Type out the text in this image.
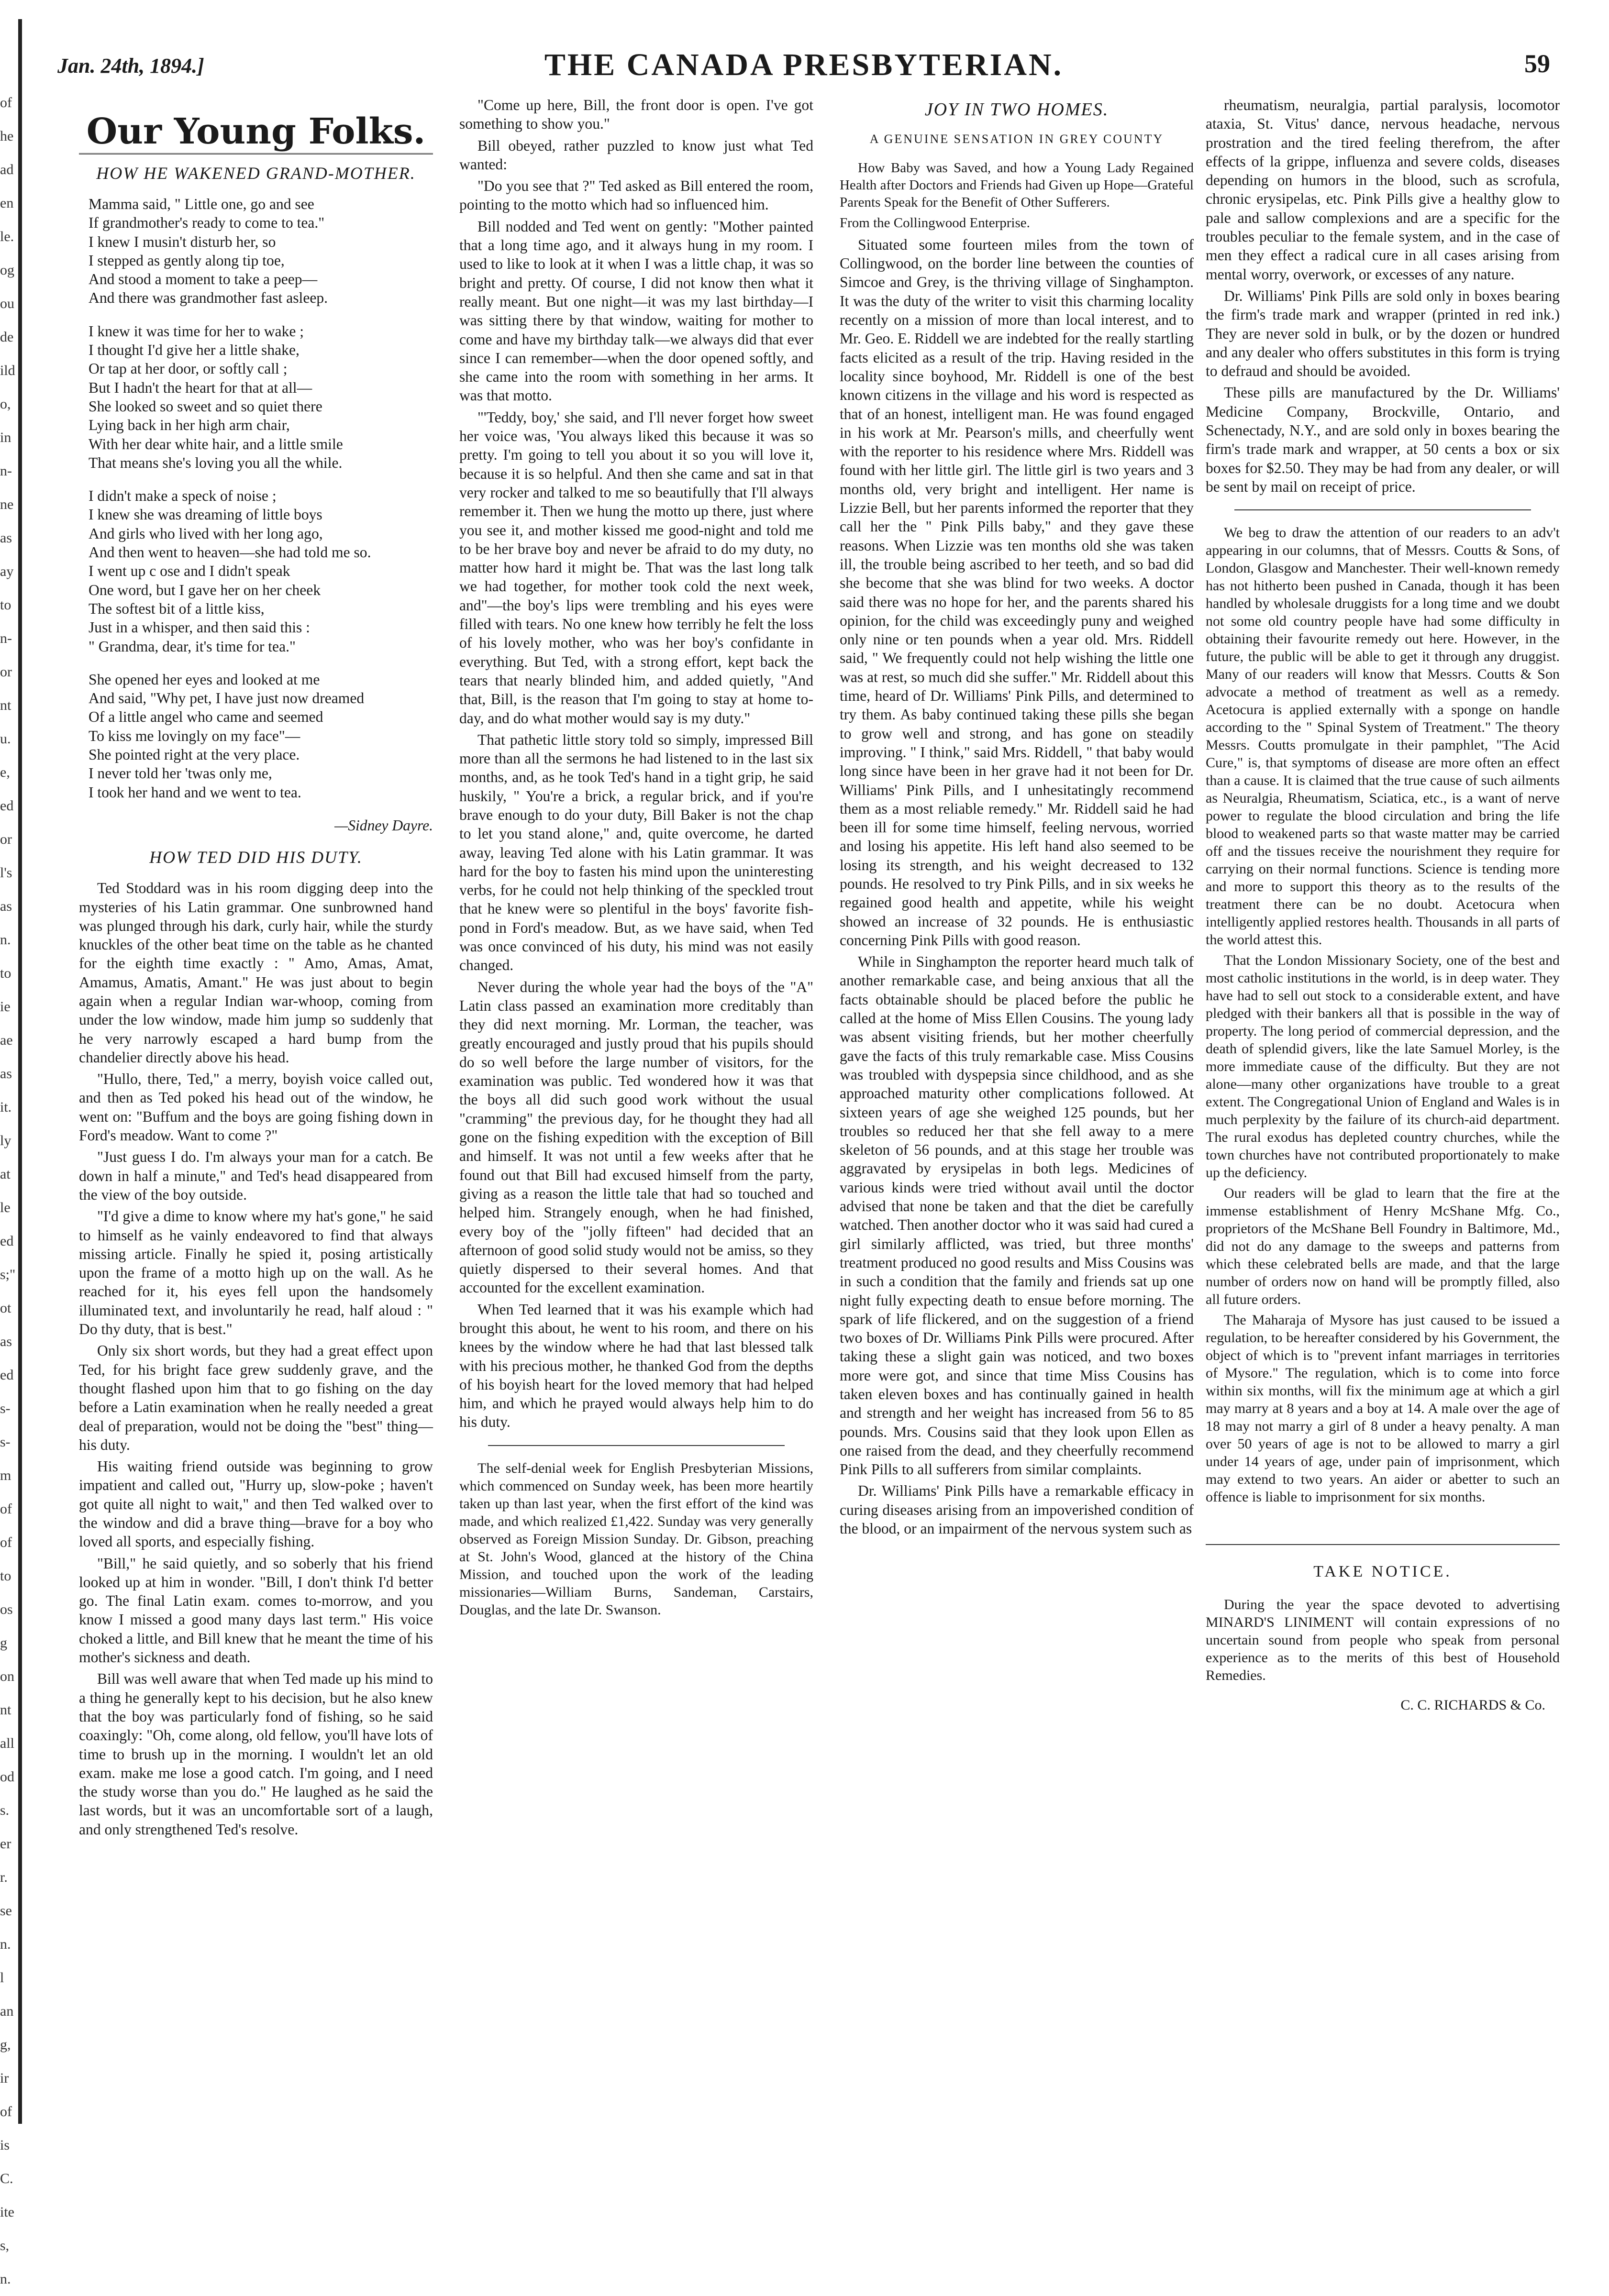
of
he
ad
en
le.
og
ou
de
ild
o,
in
n-
ne
as
ay
to
n-
or
nt
u.
e,
ed
or
l's
as
n.
to
ie
ae
as
it.
ly
at
le
ed
s;"
ot
as
ed
s-
s-
m
of
of
to
os
g
on
nt
all
od
s.
er
r.
se
n.
l
an
g,
ir
of
is
C.
ite
s,
n.
Jan. 24th, 1894.]	THE CANADA PRESBYTERIAN.	59
Our Young Folks.
HOW HE WAKENED GRAND-MOTHER.
Mamma said, " Little one, go and see
If grandmother's ready to come to tea."
I knew I musin't disturb her, so
I stepped as gently along tip toe,
And stood a moment to take a peep—
And there was grandmother fast asleep.
I knew it was time for her to wake ;
I thought I'd give her a little shake,
Or tap at her door, or softly call ;
But I hadn't the heart for that at all—
She looked so sweet and so quiet there
Lying back in her high arm chair,
With her dear white hair, and a little smile
That means she's loving you all the while.
I didn't make a speck of noise ;
I knew she was dreaming of little boys
And girls who lived with her long ago,
And then went to heaven—she had told me so.
I went up c ose and I didn't speak
One word, but I gave her on her cheek
The softest bit of a little kiss,
Just in a whisper, and then said this :
" Grandma, dear, it's time for tea."
She opened her eyes and looked at me
And said, "Why pet, I have just now dreamed
Of a little angel who came and seemed
To kiss me lovingly on my face"—
She pointed right at the very place.
I never told her 'twas only me,
I took her hand and we went to tea.
—Sidney Dayre.
HOW TED DID HIS DUTY.

Ted Stoddard was in his room digging deep into the mysteries of his Latin grammar. One sunbrowned hand was plunged through his dark, curly hair, while the sturdy knuckles of the other beat time on the table as he chanted for the eighth time exactly : " Amo, Amas, Amat, Amamus, Amatis, Amant." He was just about to begin again when a regular Indian war-whoop, coming from under the low window, made him jump so suddenly that he very narrowly escaped a hard bump from the chandelier directly above his head.

"Hullo, there, Ted," a merry, boyish voice called out, and then as Ted poked his head out of the window, he went on: "Buffum and the boys are going fishing down in Ford's meadow. Want to come ?"

"Just guess I do. I'm always your man for a catch. Be down in half a minute," and Ted's head disappeared from the view of the boy outside.

"I'd give a dime to know where my hat's gone," he said to himself as he vainly endeavored to find that always missing article. Finally he spied it, posing artistically upon the frame of a motto high up on the wall. As he reached for it, his eyes fell upon the handsomely illuminated text, and involuntarily he read, half aloud : " Do thy duty, that is best."

Only six short words, but they had a great effect upon Ted, for his bright face grew suddenly grave, and the thought flashed upon him that to go fishing on the day before a Latin examination when he really needed a great deal of preparation, would not be doing the "best" thing—his duty.

His waiting friend outside was beginning to grow impatient and called out, "Hurry up, slow-poke ; haven't got quite all night to wait," and then Ted walked over to the window and did a brave thing—brave for a boy who loved all sports, and especially fishing.

"Bill," he said quietly, and so soberly that his friend looked up at him in wonder. "Bill, I don't think I'd better go. The final Latin exam. comes to-morrow, and you know I missed a good many days last term." His voice choked a little, and Bill knew that he meant the time of his mother's sickness and death.

Bill was well aware that when Ted made up his mind to a thing he generally kept to his decision, but he also knew that the boy was particularly fond of fishing, so he said coaxingly: "Oh, come along, old fellow, you'll have lots of time to brush up in the morning. I wouldn't let an old exam. make me lose a good catch. I'm going, and I need the study worse than you do." He laughed as he said the last words, but it was an uncomfortable sort of a laugh, and only strengthened Ted's resolve.

"Come up here, Bill, the front door is open. I've got something to show you."

Bill obeyed, rather puzzled to know just what Ted wanted:

"Do you see that ?" Ted asked as Bill entered the room, pointing to the motto which had so influenced him.

Bill nodded and Ted went on gently: "Mother painted that a long time ago, and it always hung in my room. I used to like to look at it when I was a little chap, it was so bright and pretty. Of course, I did not know then what it really meant. But one night—it was my last birthday—I was sitting there by that window, waiting for mother to come and have my birthday talk—we always did that ever since I can remember—when the door opened softly, and she came into the room with something in her arms. It was that motto.

"'Teddy, boy,' she said, and I'll never forget how sweet her voice was, 'You always liked this because it was so pretty. I'm going to tell you about it so you will love it, because it is so helpful. And then she came and sat in that very rocker and talked to me so beautifully that I'll always remember it. Then we hung the motto up there, just where you see it, and mother kissed me good-night and told me to be her brave boy and never be afraid to do my duty, no matter how hard it might be. That was the last long talk we had together, for mother took cold the next week, and"—the boy's lips were trembling and his eyes were filled with tears. No one knew how terribly he felt the loss of his lovely mother, who was her boy's confidante in everything. But Ted, with a strong effort, kept back the tears that nearly blinded him, and added quietly, "And that, Bill, is the reason that I'm going to stay at home to-day, and do what mother would say is my duty."

That pathetic little story told so simply, impressed Bill more than all the sermons he had listened to in the last six months, and, as he took Ted's hand in a tight grip, he said huskily, " You're a brick, a regular brick, and if you're brave enough to do your duty, Bill Baker is not the chap to let you stand alone," and, quite overcome, he darted away, leaving Ted alone with his Latin grammar. It was hard for the boy to fasten his mind upon the uninteresting verbs, for he could not help thinking of the speckled trout that he knew were so plentiful in the boys' favorite fish-pond in Ford's meadow. But, as we have said, when Ted was once convinced of his duty, his mind was not easily changed.

Never during the whole year had the boys of the "A" Latin class passed an examination more creditably than they did next morning. Mr. Lorman, the teacher, was greatly encouraged and justly proud that his pupils should do so well before the large number of visitors, for the examination was public. Ted wondered how it was that the boys all did such good work without the usual "cramming" the previous day, for he thought they had all gone on the fishing expedition with the exception of Bill and himself. It was not until a few weeks after that he found out that Bill had excused himself from the party, giving as a reason the little tale that had so touched and helped him. Strangely enough, when he had finished, every boy of the "jolly fifteen" had decided that an afternoon of good solid study would not be amiss, so they quietly dispersed to their several homes. And that accounted for the excellent examination.

When Ted learned that it was his example which had brought this about, he went to his room, and there on his knees by the window where he had that last blessed talk with his precious mother, he thanked God from the depths of his boyish heart for the loved memory that had helped him, and which he prayed would always help him to do his duty.

The self-denial week for English Presbyterian Missions, which commenced on Sunday week, has been more heartily taken up than last year, when the first effort of the kind was made, and which realized £1,422. Sunday was very generally observed as Foreign Mission Sunday. Dr. Gibson, preaching at St. John's Wood, glanced at the history of the China Mission, and touched upon the work of the leading missionaries—William Burns, Sandeman, Carstairs, Douglas, and the late Dr. Swanson.

JOY IN TWO HOMES.
A GENUINE SENSATION IN GREY COUNTY

How Baby was Saved, and how a Young Lady Regained Health after Doctors and Friends had Given up Hope—Grateful Parents Speak for the Benefit of Other Sufferers.

From the Collingwood Enterprise.

Situated some fourteen miles from the town of Collingwood, on the border line between the counties of Simcoe and Grey, is the thriving village of Singhampton. It was the duty of the writer to visit this charming locality recently on a mission of more than local interest, and to Mr. Geo. E. Riddell we are indebted for the really startling facts elicited as a result of the trip. Having resided in the locality since boyhood, Mr. Riddell is one of the best known citizens in the village and his word is respected as that of an honest, intelligent man. He was found engaged in his work at Mr. Pearson's mills, and cheerfully went with the reporter to his residence where Mrs. Riddell was found with her little girl. The little girl is two years and 3 months old, very bright and intelligent. Her name is Lizzie Bell, but her parents informed the reporter that they call her the " Pink Pills baby," and they gave these reasons. When Lizzie was ten months old she was taken ill, the trouble being ascribed to her teeth, and so bad did she become that she was blind for two weeks. A doctor said there was no hope for her, and the parents shared his opinion, for the child was exceedingly puny and weighed only nine or ten pounds when a year old. Mrs. Riddell said, " We frequently could not help wishing the little one was at rest, so much did she suffer." Mr. Riddell about this time, heard of Dr. Williams' Pink Pills, and determined to try them. As baby continued taking these pills she began to grow well and strong, and has gone on steadily improving. " I think," said Mrs. Riddell, " that baby would long since have been in her grave had it not been for Dr. Williams' Pink Pills, and I unhesitatingly recommend them as a most reliable remedy." Mr. Riddell said he had been ill for some time himself, feeling nervous, worried and losing his appetite. His left hand also seemed to be losing its strength, and his weight decreased to 132 pounds. He resolved to try Pink Pills, and in six weeks he regained good health and appetite, while his weight showed an increase of 32 pounds. He is enthusiastic concerning Pink Pills with good reason.

While in Singhampton the reporter heard much talk of another remarkable case, and being anxious that all the facts obtainable should be placed before the public he called at the home of Miss Ellen Cousins. The young lady was absent visiting friends, but her mother cheerfully gave the facts of this truly remarkable case. Miss Cousins was troubled with dyspepsia since childhood, and as she approached maturity other complications followed. At sixteen years of age she weighed 125 pounds, but her troubles so reduced her that she fell away to a mere skeleton of 56 pounds, and at this stage her trouble was aggravated by erysipelas in both legs. Medicines of various kinds were tried without avail until the doctor advised that none be taken and that the diet be carefully watched. Then another doctor who it was said had cured a girl similarly afflicted, was tried, but three months' treatment produced no good results and Miss Cousins was in such a condition that the family and friends sat up one night fully expecting death to ensue before morning. The spark of life flickered, and on the suggestion of a friend two boxes of Dr. Williams Pink Pills were procured. After taking these a slight gain was noticed, and two boxes more were got, and since that time Miss Cousins has taken eleven boxes and has continually gained in health and strength and her weight has increased from 56 to 85 pounds. Mrs. Cousins said that they look upon Ellen as one raised from the dead, and they cheerfully recommend Pink Pills to all sufferers from similar complaints.

Dr. Williams' Pink Pills have a remarkable efficacy in curing diseases arising from an impoverished condition of the blood, or an impairment of the nervous system such as

rheumatism, neuralgia, partial paralysis, locomotor ataxia, St. Vitus' dance, nervous headache, nervous prostration and the tired feeling therefrom, the after effects of la grippe, influenza and severe colds, diseases depending on humors in the blood, such as scrofula, chronic erysipelas, etc. Pink Pills give a healthy glow to pale and sallow complexions and are a specific for the troubles peculiar to the female system, and in the case of men they effect a radical cure in all cases arising from mental worry, overwork, or excesses of any nature.

Dr. Williams' Pink Pills are sold only in boxes bearing the firm's trade mark and wrapper (printed in red ink.) They are never sold in bulk, or by the dozen or hundred and any dealer who offers substitutes in this form is trying to defraud and should be avoided.

These pills are manufactured by the Dr. Williams' Medicine Company, Brockville, Ontario, and Schenectady, N.Y., and are sold only in boxes bearing the firm's trade mark and wrapper, at 50 cents a box or six boxes for $2.50. They may be had from any dealer, or will be sent by mail on receipt of price.

We beg to draw the attention of our readers to an adv't appearing in our columns, that of Messrs. Coutts & Sons, of London, Glasgow and Manchester. Their well-known remedy has not hitherto been pushed in Canada, though it has been handled by wholesale druggists for a long time and we doubt not some old country people have had some difficulty in obtaining their favourite remedy out here. However, in the future, the public will be able to get it through any druggist. Many of our readers will know that Messrs. Coutts & Son advocate a method of treatment as well as a remedy. Acetocura is applied externally with a sponge on handle according to the " Spinal System of Treatment." The theory Messrs. Coutts promulgate in their pamphlet, "The Acid Cure," is, that symptoms of disease are more often an effect than a cause. It is claimed that the true cause of such ailments as Neuralgia, Rheumatism, Sciatica, etc., is a want of nerve power to regulate the blood circulation and bring the life blood to weakened parts so that waste matter may be carried off and the tissues receive the nourishment they require for carrying on their normal functions. Science is tending more and more to support this theory as to the results of the treatment there can be no doubt. Acetocura when intelligently applied restores health. Thousands in all parts of the world attest this.

That the London Missionary Society, one of the best and most catholic institutions in the world, is in deep water. They have had to sell out stock to a considerable extent, and have pledged with their bankers all that is possible in the way of property. The long period of commercial depression, and the death of splendid givers, like the late Samuel Morley, is the more immediate cause of the difficulty. But they are not alone—many other organizations have trouble to a great extent. The Congregational Union of England and Wales is in much perplexity by the failure of its church-aid department. The rural exodus has depleted country churches, while the town churches have not contributed proportionately to make up the deficiency.

Our readers will be glad to learn that the fire at the immense establishment of Henry McShane Mfg. Co., proprietors of the McShane Bell Foundry in Baltimore, Md., did not do any damage to the sweeps and patterns from which these celebrated bells are made, and that the large number of orders now on hand will be promptly filled, also all future orders.

The Maharaja of Mysore has just caused to be issued a regulation, to be hereafter considered by his Government, the object of which is to "prevent infant marriages in territories of Mysore." The regulation, which is to come into force within six months, will fix the minimum age at which a girl may marry at 8 years and a boy at 14. A male over the age of 18 may not marry a girl of 8 under a heavy penalty. A man over 50 years of age is not to be allowed to marry a girl under 14 years of age, under pain of imprisonment, which may extend to two years. An aider or abetter to such an offence is liable to imprisonment for six months.

TAKE NOTICE.

During the year the space devoted to advertising MINARD'S LINIMENT will contain expressions of no uncertain sound from people who speak from personal experience as to the merits of this best of Household Remedies.

C. C. RICHARDS & Co.
